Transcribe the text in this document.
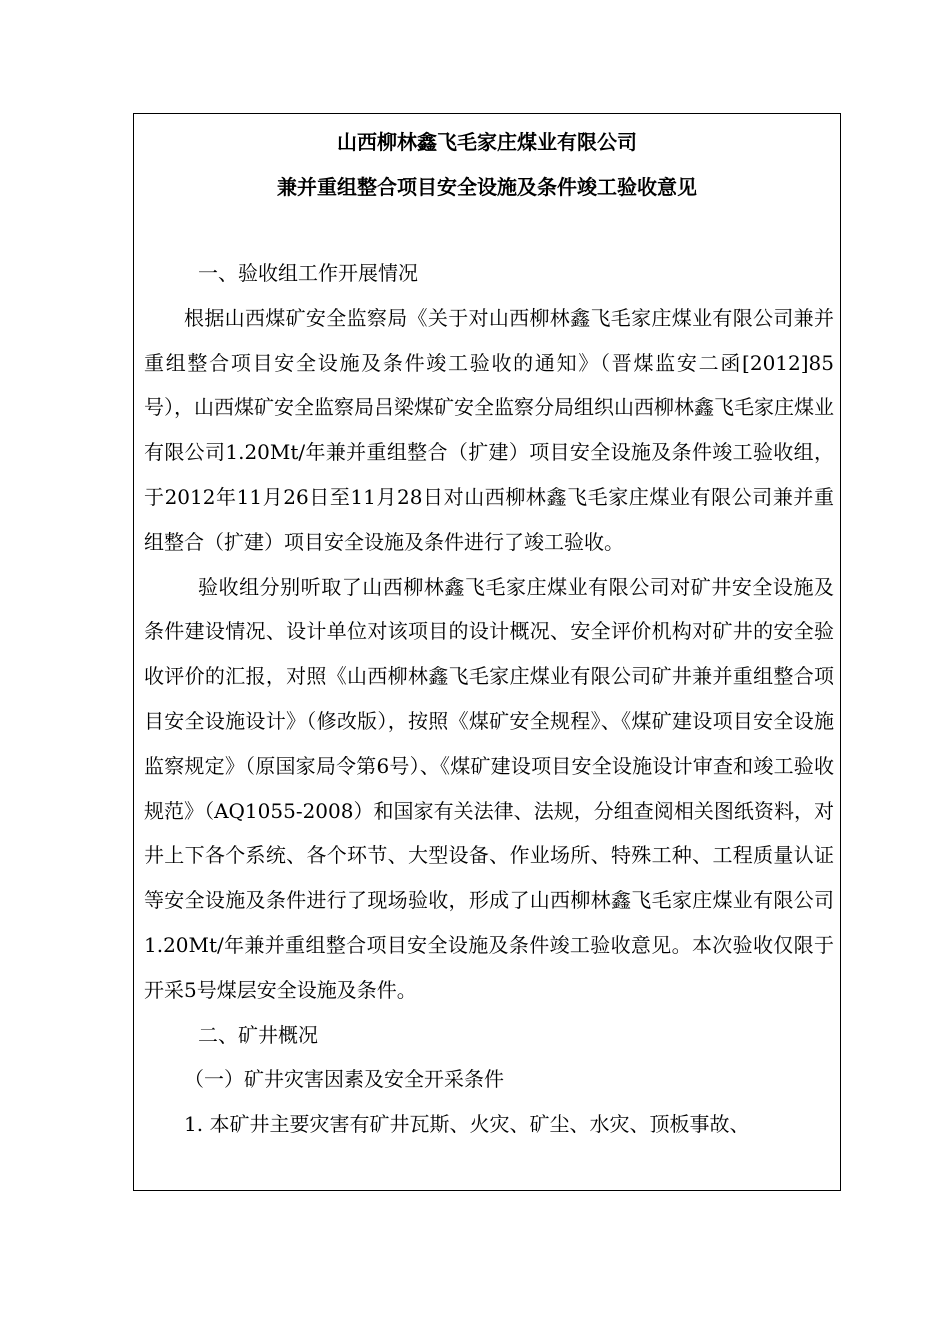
山西柳林鑫飞毛家庄煤业有限公司
兼并重组整合项目安全设施及条件竣工验收意见

一、验收组工作开展情况

根据山西煤矿安全监察局《关于对山西柳林鑫飞毛家庄煤业有限公司兼并重组整合项目安全设施及条件竣工验收的通知》（晋煤监安二函[2012]85号），山西煤矿安全监察局吕梁煤矿安全监察分局组织山西柳林鑫飞毛家庄煤业有限公司1.20Mt/年兼并重组整合（扩建）项目安全设施及条件竣工验收组，于2012年11月26日至11月28日对山西柳林鑫飞毛家庄煤业有限公司兼并重组整合（扩建）项目安全设施及条件进行了竣工验收。

验收组分别听取了山西柳林鑫飞毛家庄煤业有限公司对矿井安全设施及条件建设情况、设计单位对该项目的设计概况、安全评价机构对矿井的安全验收评价的汇报，对照《山西柳林鑫飞毛家庄煤业有限公司矿井兼并重组整合项目安全设施设计》（修改版），按照《煤矿安全规程》、《煤矿建设项目安全设施监察规定》（原国家局令第6号）、《煤矿建设项目安全设施设计审查和竣工验收规范》（AQ1055-2008）和国家有关法律、法规，分组查阅相关图纸资料，对井上下各个系统、各个环节、大型设备、作业场所、特殊工种、工程质量认证等安全设施及条件进行了现场验收，形成了山西柳林鑫飞毛家庄煤业有限公司1.20Mt/年兼并重组整合项目安全设施及条件竣工验收意见。本次验收仅限于开采5号煤层安全设施及条件。

二、矿井概况

（一）矿井灾害因素及安全开采条件

1. 本矿井主要灾害有矿井瓦斯、火灾、矿尘、水灾、顶板事故、
